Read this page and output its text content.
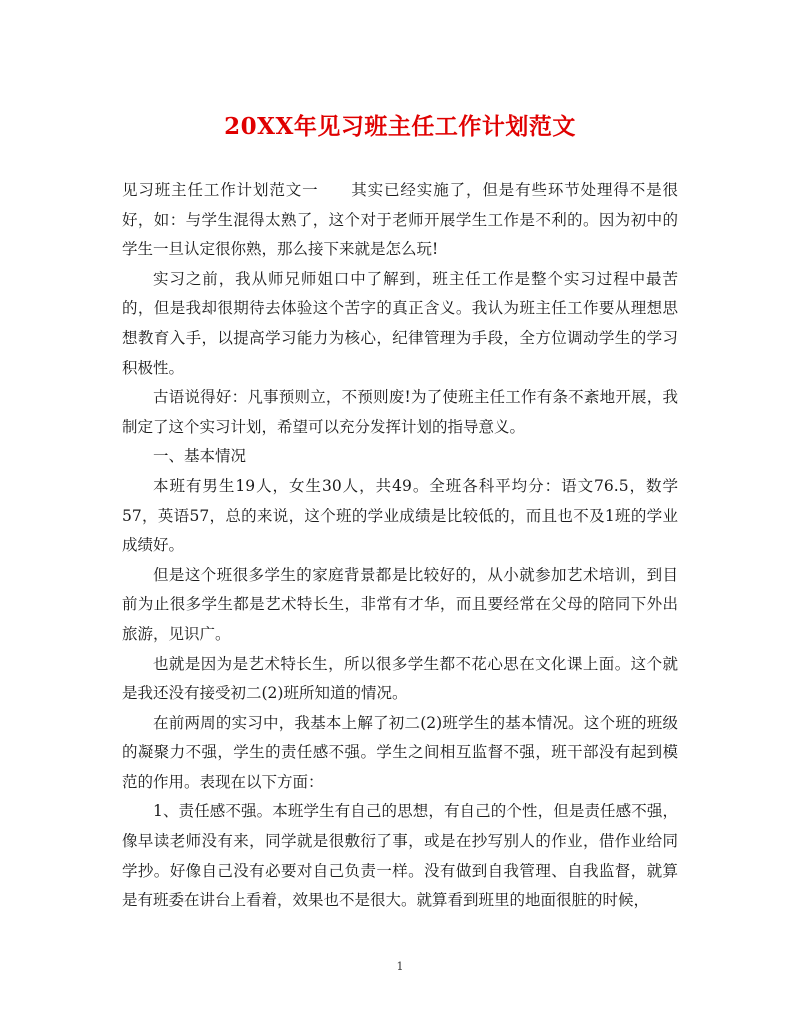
20XX年见习班主任工作计划范文

见习班主任工作计划范文一　　其实已经实施了，但是有些环节处理得不是很好，如：与学生混得太熟了，这个对于老师开展学生工作是不利的。因为初中的学生一旦认定很你熟，那么接下来就是怎么玩!

实习之前，我从师兄师姐口中了解到，班主任工作是整个实习过程中最苦的，但是我却很期待去体验这个苦字的真正含义。我认为班主任工作要从理想思想教育入手，以提高学习能力为核心，纪律管理为手段，全方位调动学生的学习积极性。

古语说得好：凡事预则立，不预则废!为了使班主任工作有条不紊地开展，我制定了这个实习计划，希望可以充分发挥计划的指导意义。

一、基本情况

本班有男生19人，女生30人，共49。全班各科平均分：语文76.5，数学57，英语57，总的来说，这个班的学业成绩是比较低的，而且也不及1班的学业成绩好。

但是这个班很多学生的家庭背景都是比较好的，从小就参加艺术培训，到目前为止很多学生都是艺术特长生，非常有才华，而且要经常在父母的陪同下外出旅游，见识广。

也就是因为是艺术特长生，所以很多学生都不花心思在文化课上面。这个就是我还没有接受初二(2)班所知道的情况。

在前两周的实习中，我基本上解了初二(2)班学生的基本情况。这个班的班级的凝聚力不强，学生的责任感不强。学生之间相互监督不强，班干部没有起到模范的作用。表现在以下方面：

1、责任感不强。本班学生有自己的思想，有自己的个性，但是责任感不强，像早读老师没有来，同学就是很敷衍了事，或是在抄写别人的作业，借作业给同学抄。好像自己没有必要对自己负责一样。没有做到自我管理、自我监督，就算是有班委在讲台上看着，效果也不是很大。就算看到班里的地面很脏的时候，

1
